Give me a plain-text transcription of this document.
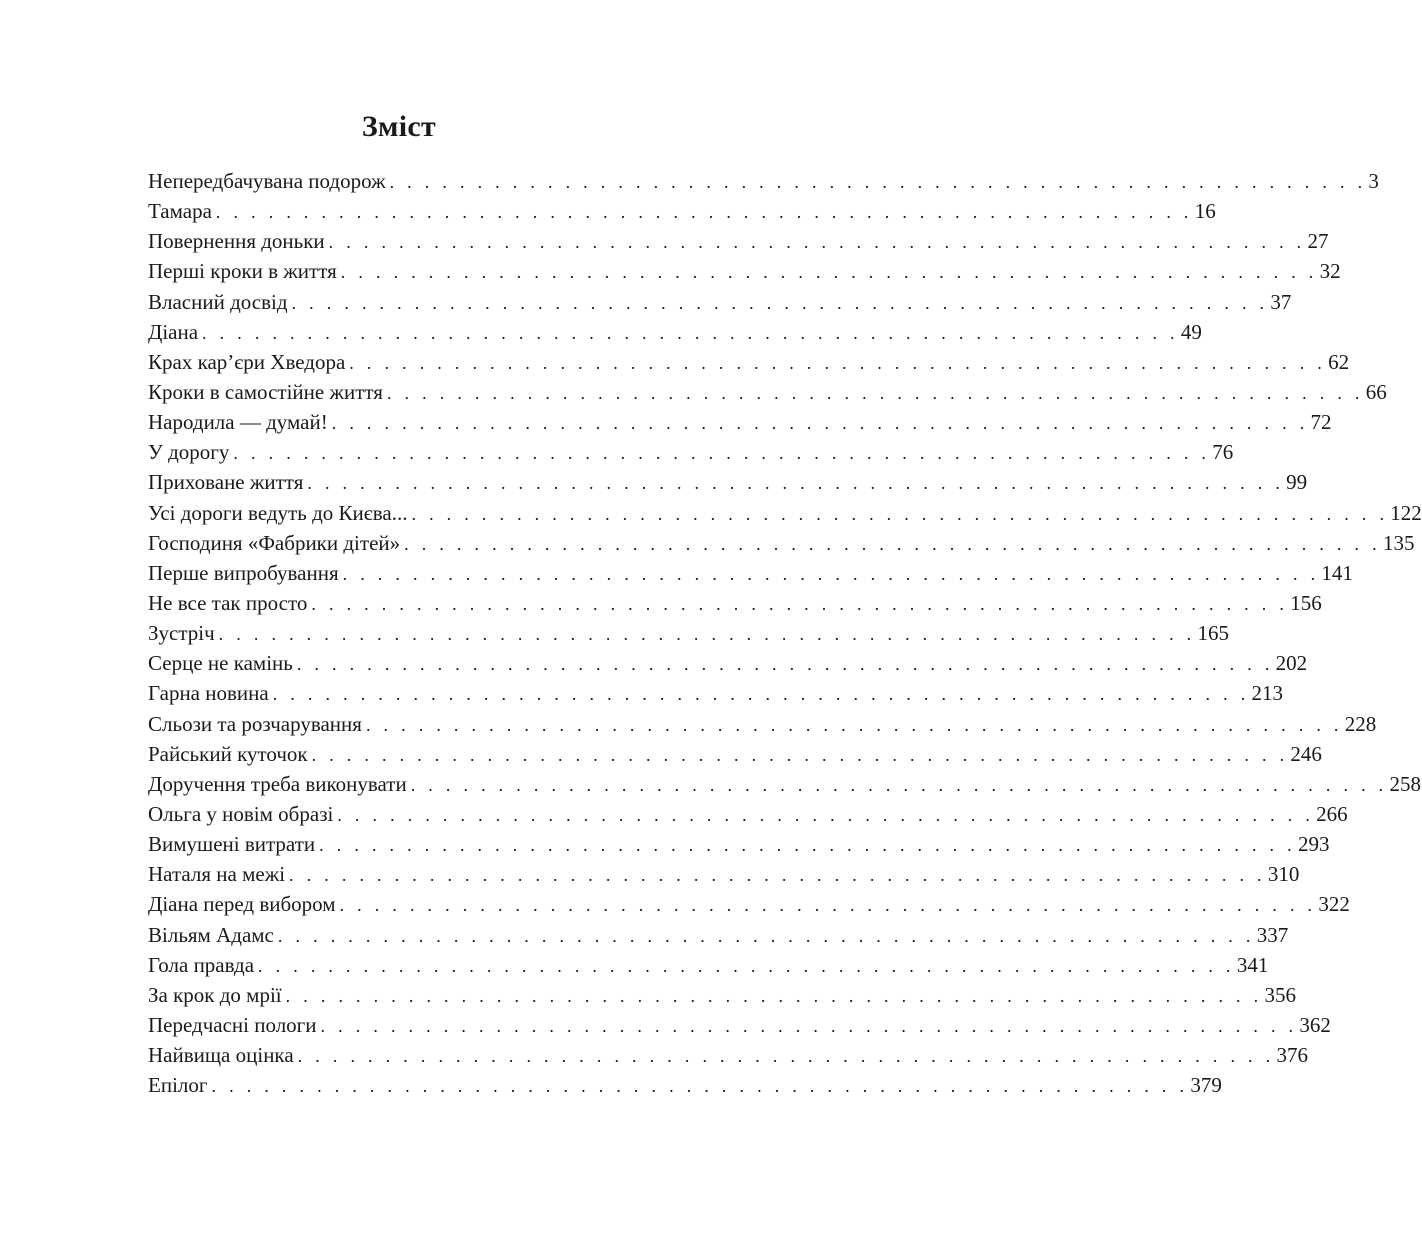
Зміст
Непередбачувана подорож . . . . . . . . . . . . . . . . . . . . . . . . . . . . . . . . . . . . . . . . . . . . . . . . . . . . . . . . 3
Тамара . . . . . . . . . . . . . . . . . . . . . . . . . . . . . . . . . . . . . . . . . . . . . . . . . . . . . . . . 16
Повернення доньки . . . . . . . . . . . . . . . . . . . . . . . . . . . . . . . . . . . . . . . . . . . . . . . . . . . . . . . . 27
Перші кроки в життя . . . . . . . . . . . . . . . . . . . . . . . . . . . . . . . . . . . . . . . . . . . . . . . . . . . . . . . . 32
Власний досвід . . . . . . . . . . . . . . . . . . . . . . . . . . . . . . . . . . . . . . . . . . . . . . . . . . . . . . . . 37
Діана . . . . . . . . . . . . . . . . . . . . . . . . . . . . . . . . . . . . . . . . . . . . . . . . . . . . . . . . 49
Крах кар’єри Хведора . . . . . . . . . . . . . . . . . . . . . . . . . . . . . . . . . . . . . . . . . . . . . . . . . . . . . . . . 62
Кроки в самостійне життя . . . . . . . . . . . . . . . . . . . . . . . . . . . . . . . . . . . . . . . . . . . . . . . . . . . . . . . . 66
Народила — думай! . . . . . . . . . . . . . . . . . . . . . . . . . . . . . . . . . . . . . . . . . . . . . . . . . . . . . . . . 72
У дорогу . . . . . . . . . . . . . . . . . . . . . . . . . . . . . . . . . . . . . . . . . . . . . . . . . . . . . . . . 76
Приховане життя . . . . . . . . . . . . . . . . . . . . . . . . . . . . . . . . . . . . . . . . . . . . . . . . . . . . . . . . 99
Усі дороги ведуть до Києва... . . . . . . . . . . . . . . . . . . . . . . . . . . . . . . . . . . . . . . . . . . . . . . . . . . . . . . . . 122
Господиня «Фабрики дітей» . . . . . . . . . . . . . . . . . . . . . . . . . . . . . . . . . . . . . . . . . . . . . . . . . . . . . . . . 135
Перше випробування . . . . . . . . . . . . . . . . . . . . . . . . . . . . . . . . . . . . . . . . . . . . . . . . . . . . . . . . 141
Не все так просто . . . . . . . . . . . . . . . . . . . . . . . . . . . . . . . . . . . . . . . . . . . . . . . . . . . . . . . . 156
Зустріч . . . . . . . . . . . . . . . . . . . . . . . . . . . . . . . . . . . . . . . . . . . . . . . . . . . . . . . . 165
Серце не камінь . . . . . . . . . . . . . . . . . . . . . . . . . . . . . . . . . . . . . . . . . . . . . . . . . . . . . . . . 202
Гарна новина . . . . . . . . . . . . . . . . . . . . . . . . . . . . . . . . . . . . . . . . . . . . . . . . . . . . . . . . 213
Сльози та розчарування . . . . . . . . . . . . . . . . . . . . . . . . . . . . . . . . . . . . . . . . . . . . . . . . . . . . . . . . 228
Райський куточок . . . . . . . . . . . . . . . . . . . . . . . . . . . . . . . . . . . . . . . . . . . . . . . . . . . . . . . . 246
Доручення треба виконувати . . . . . . . . . . . . . . . . . . . . . . . . . . . . . . . . . . . . . . . . . . . . . . . . . . . . . . . . 258
Ольга у новім образі . . . . . . . . . . . . . . . . . . . . . . . . . . . . . . . . . . . . . . . . . . . . . . . . . . . . . . . . 266
Вимушені витрати . . . . . . . . . . . . . . . . . . . . . . . . . . . . . . . . . . . . . . . . . . . . . . . . . . . . . . . . 293
Наталя на межі . . . . . . . . . . . . . . . . . . . . . . . . . . . . . . . . . . . . . . . . . . . . . . . . . . . . . . . . 310
Діана перед вибором . . . . . . . . . . . . . . . . . . . . . . . . . . . . . . . . . . . . . . . . . . . . . . . . . . . . . . . . 322
Вільям Адамс . . . . . . . . . . . . . . . . . . . . . . . . . . . . . . . . . . . . . . . . . . . . . . . . . . . . . . . . 337
Гола правда . . . . . . . . . . . . . . . . . . . . . . . . . . . . . . . . . . . . . . . . . . . . . . . . . . . . . . . . 341
За крок до мрії . . . . . . . . . . . . . . . . . . . . . . . . . . . . . . . . . . . . . . . . . . . . . . . . . . . . . . . . 356
Передчасні пологи . . . . . . . . . . . . . . . . . . . . . . . . . . . . . . . . . . . . . . . . . . . . . . . . . . . . . . . . 362
Найвища оцінка . . . . . . . . . . . . . . . . . . . . . . . . . . . . . . . . . . . . . . . . . . . . . . . . . . . . . . . . 376
Епілог . . . . . . . . . . . . . . . . . . . . . . . . . . . . . . . . . . . . . . . . . . . . . . . . . . . . . . . . 379
